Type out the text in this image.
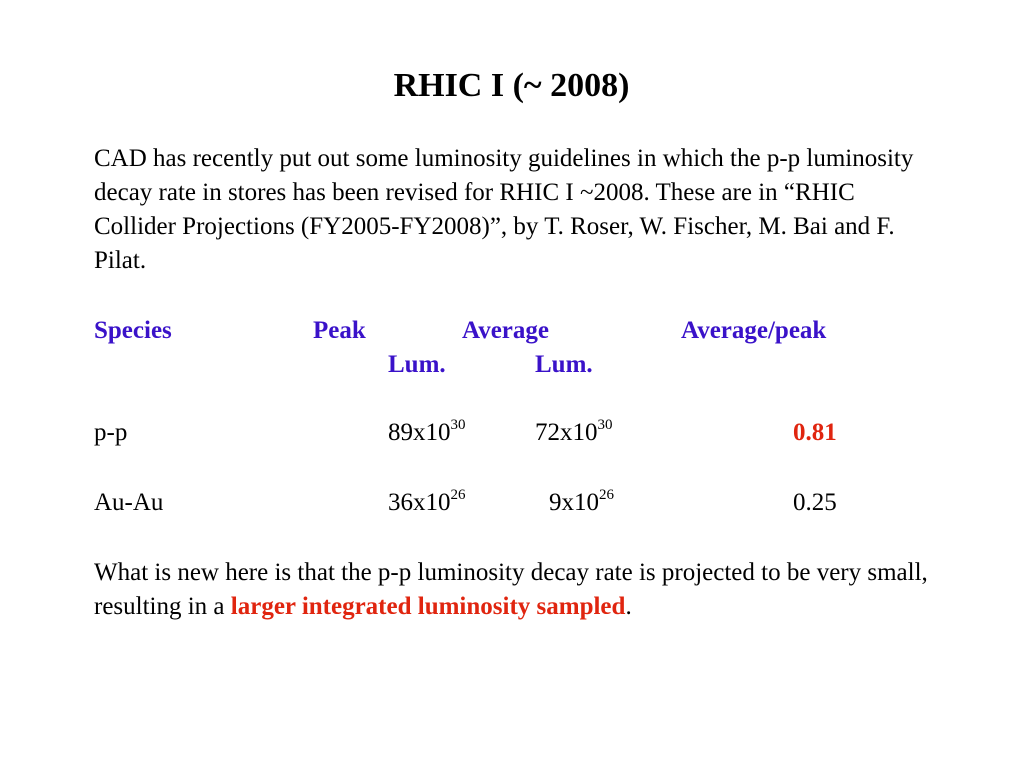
RHIC I (~ 2008)

CAD has recently put out some luminosity guidelines in which the p-p luminosity decay rate in stores has been revised for RHIC I ~2008. These are in “RHIC Collider Projections (FY2005-FY2008)”, by T. Roser, W. Fischer, M. Bai and F. Pilat.

Species	Peak	Average	Average/peak
Lum.	Lum.
p-p	$89x10^{30}$	$72x10^{30}$	0.81
Au-Au	$36x10^{26}$	$9x10^{26}$	0.25

What is new here is that the p-p luminosity decay rate is projected to be very small, resulting in a larger integrated luminosity sampled.
